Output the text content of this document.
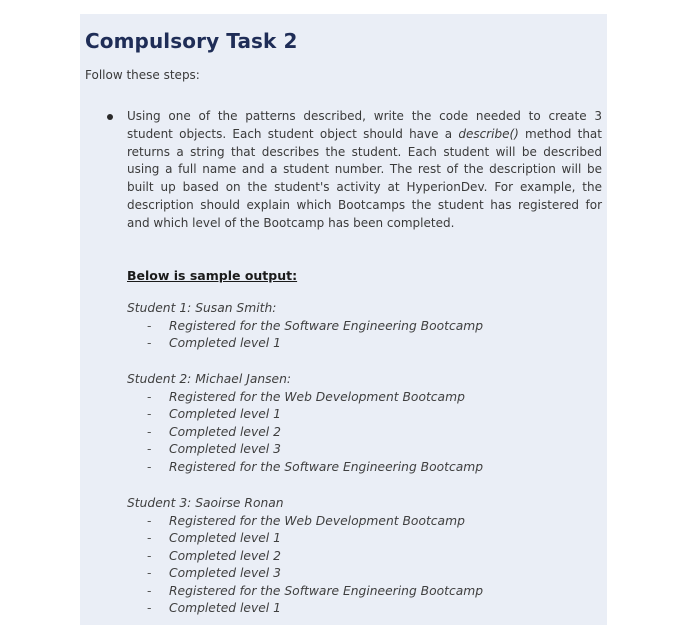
Compulsory Task 2

Follow these steps:

Using one of the patterns described, write the code needed to create 3 student objects. Each student object should have a describe() method that returns a string that describes the student. Each student will be described using a full name and a student number. The rest of the description will be built up based on the student's activity at HyperionDev. For example, the description should explain which Bootcamps the student has registered for and which level of the Bootcamp has been completed.

Below is sample output:

Student 1: Susan Smith:

- Registered for the Software Engineering Bootcamp
- Completed level 1

Student 2: Michael Jansen:

- Registered for the Web Development Bootcamp
- Completed level 1
- Completed level 2
- Completed level 3
- Registered for the Software Engineering Bootcamp

Student 3: Saoirse Ronan

- Registered for the Web Development Bootcamp
- Completed level 1
- Completed level 2
- Completed level 3
- Registered for the Software Engineering Bootcamp
- Completed level 1
